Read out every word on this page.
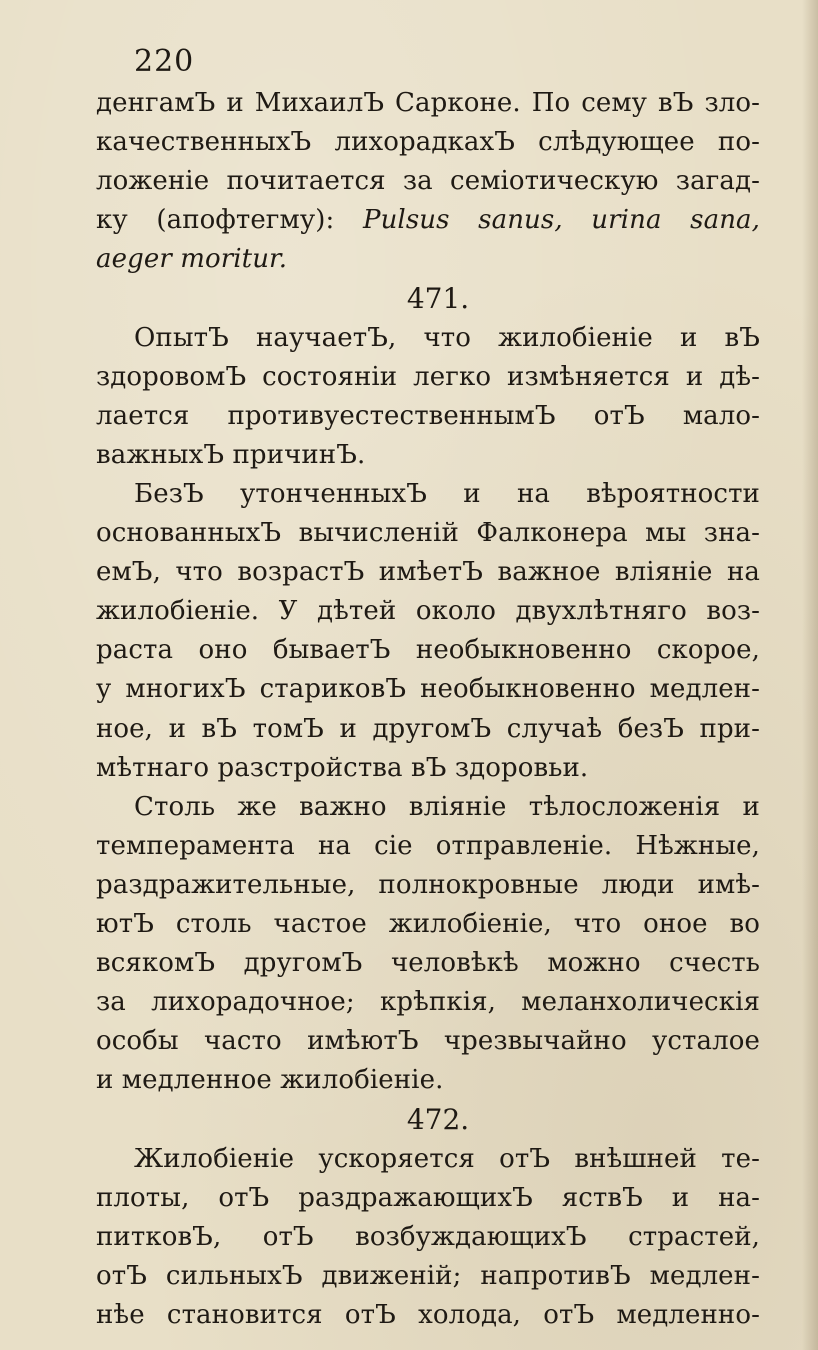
220
денгамЪ и МихаилЪ Сарконе. По сему вЪ зло-
качественныхЪ лихорадкахЪ слѣдующее по-
ложеніе почитается за семіотическую загад-
ку (апофтегму): Pulsus sanus, urina sana,
aeger moritur.
471.
ОпытЪ научаетЪ, что жилобіеніе и вЪ
здоровомЪ состояніи легко измѣняется и дѣ-
лается противуестественнымЪ отЪ мало-
важныхЪ причинЪ.
БезЪ утонченныхЪ и на вѣроятности
основанныхЪ вычисленій Фалконера мы зна-
емЪ, что возрастЪ имѣетЪ важное вліяніе на
жилобіеніе. У дѣтей около двухлѣтняго воз-
раста оно бываетЪ необыкновенно скорое,
у многихЪ стариковЪ необыкновенно медлен-
ное, и вЪ томЪ и другомЪ случаѣ безЪ при-
мѣтнаго разстройства вЪ здоровьи.
Столь же важно вліяніе тѣлосложенія и
темперамента на сіе отправленіе. Нѣжные,
раздражительные, полнокровные люди имѣ-
ютЪ столь частое жилобіеніе, что оное во
всякомЪ другомЪ человѣкѣ можно счесть
за лихорадочное; крѣпкія, меланхолическія
особы часто имѣютЪ чрезвычайно усталое
и медленное жилобіеніе.
472.
Жилобіеніе ускоряется отЪ внѣшней те-
плоты, отЪ раздражающихЪ яствЪ и на-
питковЪ, отЪ возбуждающихЪ страстей,
отЪ сильныхЪ движеній; напротивЪ медлен-
нѣе становится отЪ холода, отЪ медленно-
